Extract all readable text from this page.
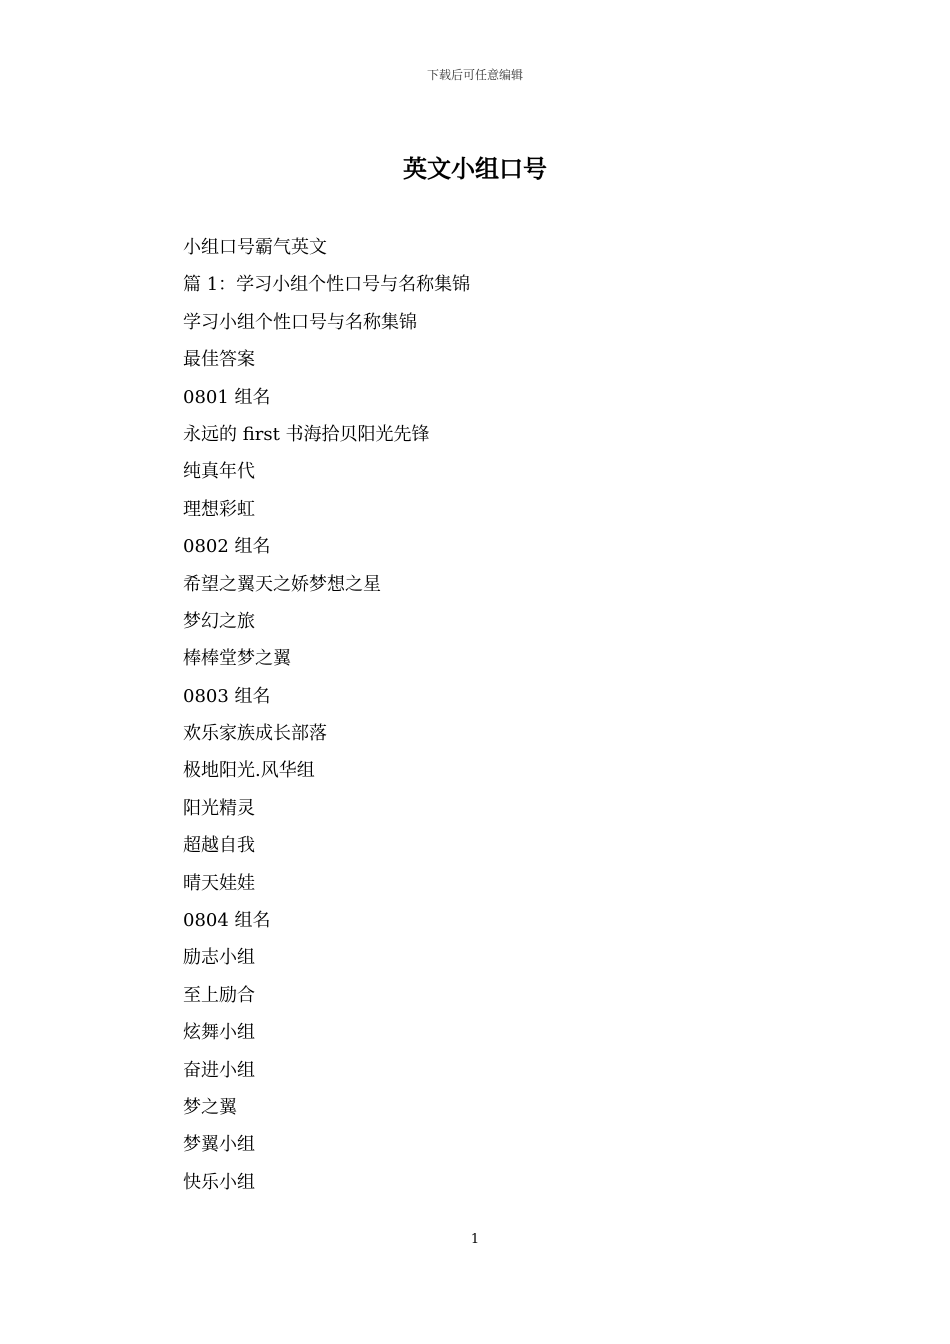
下载后可任意编辑
英文小组口号
小组口号霸气英文
篇 1：学习小组个性口号与名称集锦
学习小组个性口号与名称集锦
最佳答案
0801 组名
永远的 first 书海拾贝阳光先锋
纯真年代
理想彩虹
0802 组名
希望之翼天之娇梦想之星
梦幻之旅
棒棒堂梦之翼
0803 组名
欢乐家族成长部落
极地阳光.风华组
阳光精灵
超越自我
晴天娃娃
0804 组名
励志小组
至上励合
炫舞小组
奋进小组
梦之翼
梦翼小组
快乐小组
1
